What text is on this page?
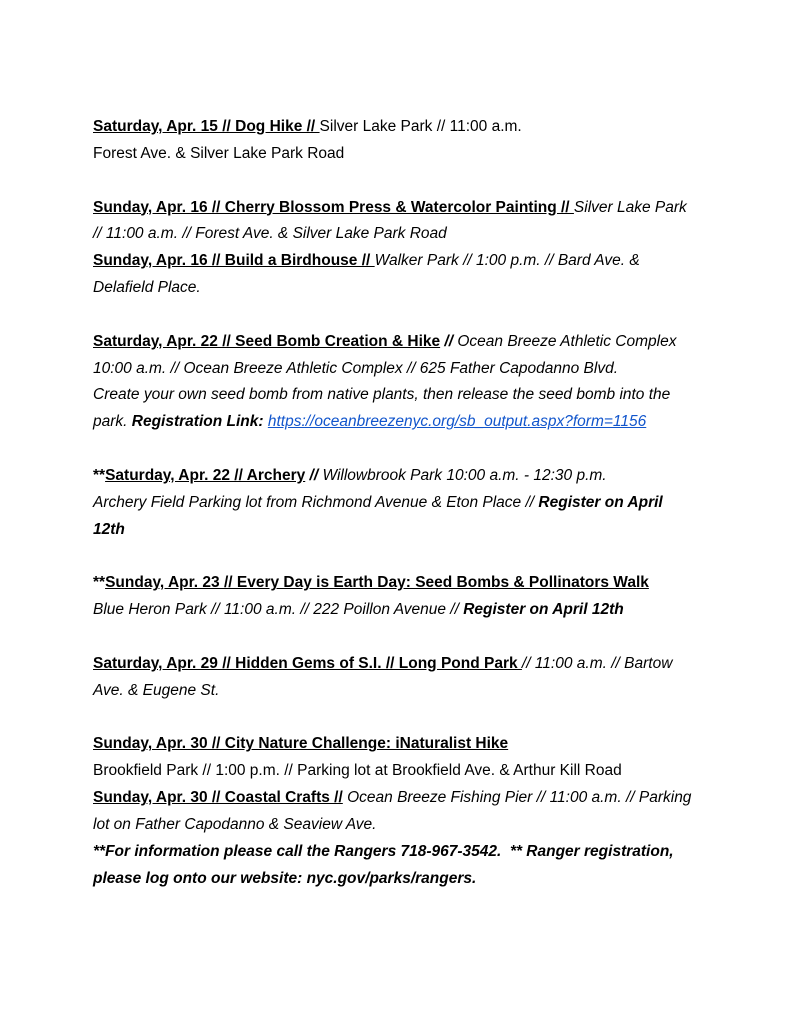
Saturday, Apr. 15 // Dog Hike // Silver Lake Park // 11:00 a.m.
Forest Ave. & Silver Lake Park Road
Sunday, Apr. 16 // Cherry Blossom Press & Watercolor Painting // Silver Lake Park
// 11:00 a.m. // Forest Ave. & Silver Lake Park Road
Sunday, Apr. 16 // Build a Birdhouse // Walker Park // 1:00 p.m. // Bard Ave. &
Delafield Place.
Saturday, Apr. 22 // Seed Bomb Creation & Hike // Ocean Breeze Athletic Complex
10:00 a.m. // Ocean Breeze Athletic Complex // 625 Father Capodanno Blvd.
Create your own seed bomb from native plants, then release the seed bomb into the
park. Registration Link: https://oceanbreezenyc.org/sb_output.aspx?form=1156
**Saturday, Apr. 22 // Archery // Willowbrook Park 10:00 a.m. - 12:30 p.m.
Archery Field Parking lot from Richmond Avenue & Eton Place // Register on April
12th
**Sunday, Apr. 23 // Every Day is Earth Day: Seed Bombs & Pollinators Walk
Blue Heron Park // 11:00 a.m. // 222 Poillon Avenue // Register on April 12th
Saturday, Apr. 29 // Hidden Gems of S.I. // Long Pond Park // 11:00 a.m. // Bartow
Ave. & Eugene St.
Sunday, Apr. 30 // City Nature Challenge: iNaturalist Hike
Brookfield Park // 1:00 p.m. // Parking lot at Brookfield Ave. & Arthur Kill Road
Sunday, Apr. 30 // Coastal Crafts // Ocean Breeze Fishing Pier // 11:00 a.m. // Parking
lot on Father Capodanno & Seaview Ave.
**For information please call the Rangers 718-967-3542.  ** Ranger registration,
please log onto our website: nyc.gov/parks/rangers.
